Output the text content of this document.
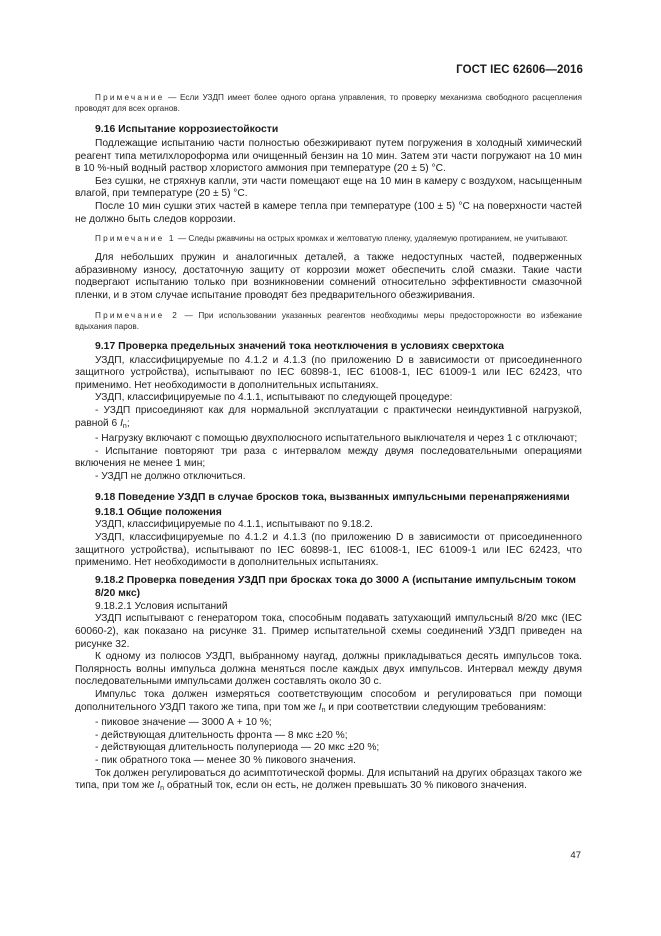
ГОСТ IEC 62606—2016

Примечание — Если УЗДП имеет более одного органа управления, то проверку механизма свободного расцепления проводят для всех органов.

9.16 Испытание коррозиестойкости

Подлежащие испытанию части полностью обезжиривают путем погружения в холодный химический реагент типа метилхлороформа или очищенный бензин на 10 мин. Затем эти части погружают на 10 мин в 10 %-ный водный раствор хлористого аммония при температуре (20 ± 5) °С.

Без сушки, не стряхнув капли, эти части помещают еще на 10 мин в камеру с воздухом, насыщенным влагой, при температуре (20 ± 5) °С.

После 10 мин сушки этих частей в камере тепла при температуре (100 ± 5) °С на поверхности частей не должно быть следов коррозии.

Примечание 1 — Следы ржавчины на острых кромках и желтоватую пленку, удаляемую протиранием, не учитывают.

Для небольших пружин и аналогичных деталей, а также недоступных частей, подверженных абразивному износу, достаточную защиту от коррозии может обеспечить слой смазки. Такие части подвергают испытанию только при возникновении сомнений относительно эффективности смазочной пленки, и в этом случае испытание проводят без предварительного обезжиривания.

Примечание 2 — При использовании указанных реагентов необходимы меры предосторожности во избежание вдыхания паров.

9.17 Проверка предельных значений тока неотключения в условиях сверхтока

УЗДП, классифицируемые по 4.1.2 и 4.1.3 (по приложению D в зависимости от присоединенного защитного устройства), испытывают по IEC 60898-1, IEC 61008-1, IEC 61009-1 или IEC 62423, что применимо. Нет необходимости в дополнительных испытаниях.

УЗДП, классифицируемые по 4.1.1, испытывают по следующей процедуре:

- УЗДП присоединяют как для нормальной эксплуатации с практически неиндуктивной нагрузкой, равной 6 $I_n$;

- Нагрузку включают с помощью двухполюсного испытательного выключателя и через 1 с отключают;

- Испытание повторяют три раза с интервалом между двумя последовательными операциями включения не менее 1 мин;

- УЗДП не должно отключиться.

9.18 Поведение УЗДП в случае бросков тока, вызванных импульсными перенапряжениями

9.18.1 Общие положения

УЗДП, классифицируемые по 4.1.1, испытывают по 9.18.2.

УЗДП, классифицируемые по 4.1.2 и 4.1.3 (по приложению D в зависимости от присоединенного защитного устройства), испытывают по IEC 60898-1, IEC 61008-1, IEC 61009-1 или IEC 62423, что применимо. Нет необходимости в дополнительных испытаниях.

9.18.2 Проверка поведения УЗДП при бросках тока до 3000 А (испытание импульсным током 8/20 мкс)

9.18.2.1 Условия испытаний

УЗДП испытывают с генератором тока, способным подавать затухающий импульсный 8/20 мкс (IEC 60060-2), как показано на рисунке 31. Пример испытательной схемы соединений УЗДП приведен на рисунке 32.

К одному из полюсов УЗДП, выбранному наугад, должны прикладываться десять импульсов тока. Полярность волны импульса должна меняться после каждых двух импульсов. Интервал между двумя последовательными импульсами должен составлять около 30 с.

Импульс тока должен измеряться соответствующим способом и регулироваться при помощи дополнительного УЗДП такого же типа, при том же $I_n$ и при соответствии следующим требованиям:

- пиковое значение — 3000 А + 10 %;

- действующая длительность фронта — 8 мкс ±20 %;

- действующая длительность полупериода — 20 мкс ±20 %;

- пик обратного тока — менее 30 % пикового значения.

Ток должен регулироваться до асимптотической формы. Для испытаний на других образцах такого же типа, при том же $I_n$ обратный ток, если он есть, не должен превышать 30 % пикового значения.

47
